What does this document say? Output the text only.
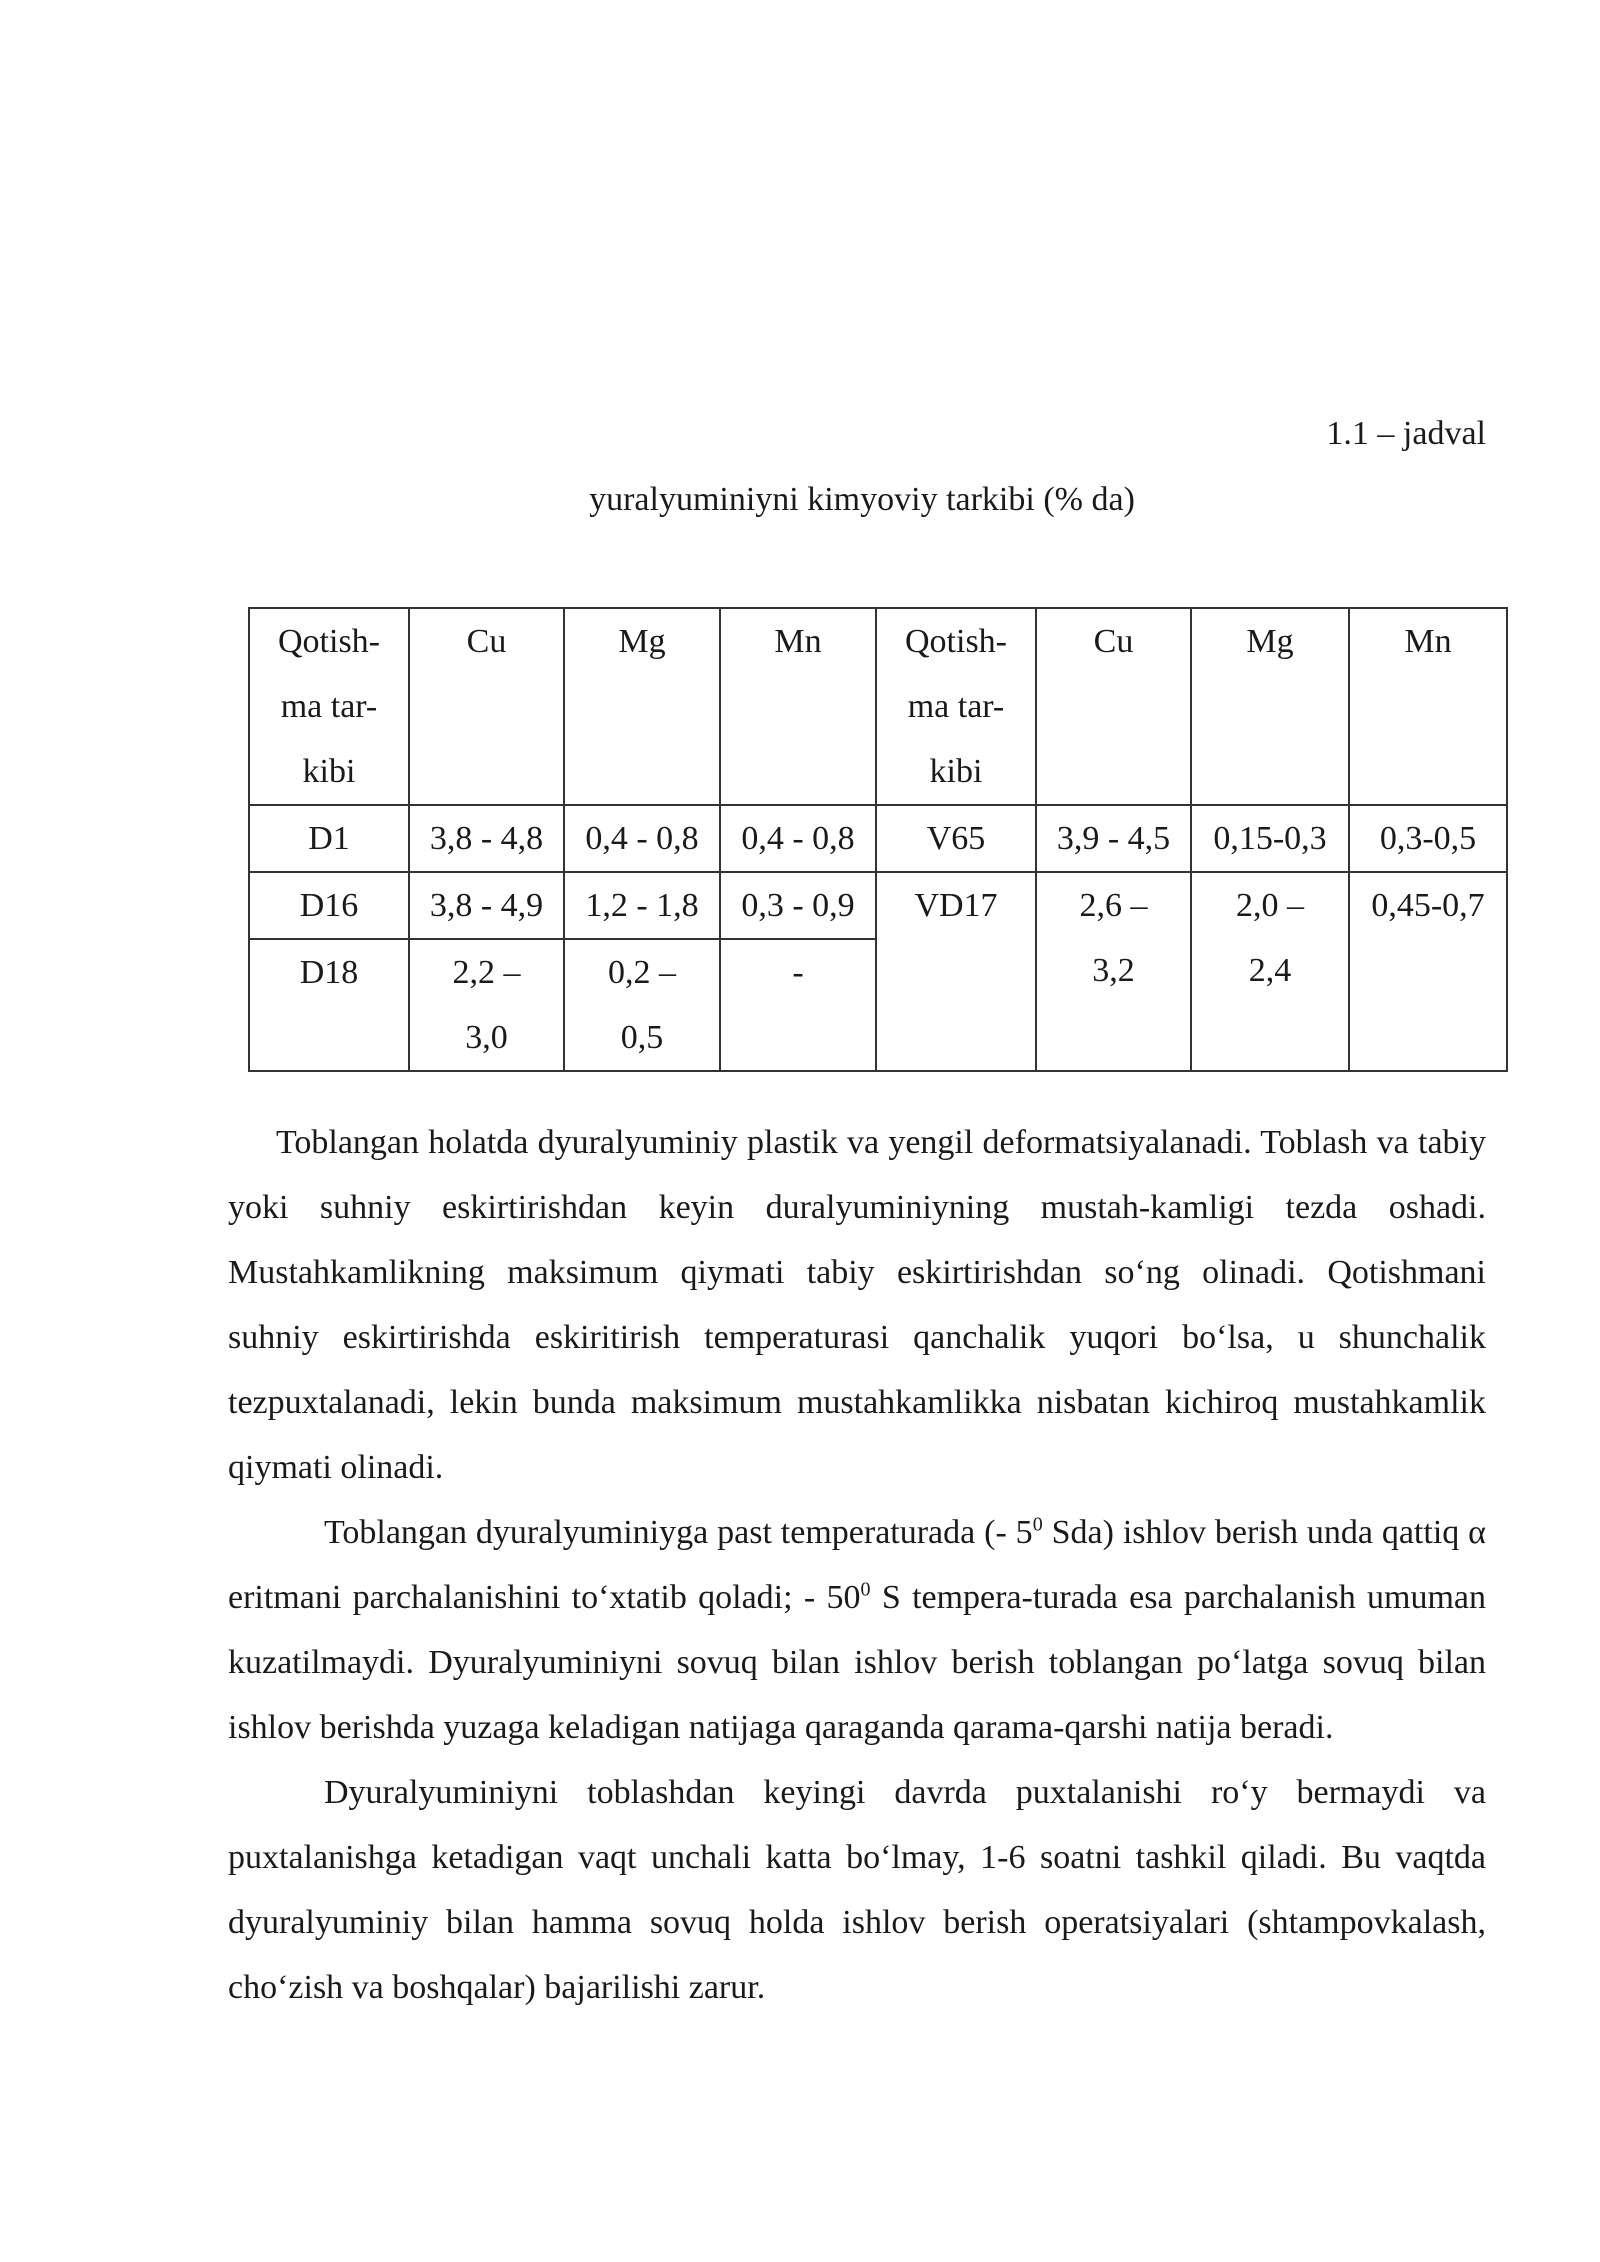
1.1 – jadval
yuralyuminiyni kimyoviy tarkibi (% da)
Qotish-ma tar-kibi	Cu	Mg	Mn	Qotish-ma tar-kibi	Cu	Mg	Mn
D1	3,8 - 4,8	0,4 - 0,8	0,4 - 0,8	V65	3,9 - 4,5	0,15-0,3	0,3-0,5
D16	3,8 - 4,9	1,2 - 1,8	0,3 - 0,9	VD17	2,6 – 3,2	2,0 – 2,4	0,45-0,7
D18	2,2 – 3,0	0,2 – 0,5	-				

Toblangan holatda dyuralyuminiy plastik va yengil deformatsiyalanadi. Toblash va tabiy yoki suhniy eskirtirishdan keyin duralyuminiyning mustah-kamligi tezda oshadi. Mustahkamlikning maksimum qiymati tabiy eskirtirishdan so‘ng olinadi. Qotishmani suhniy eskirtirishda eskiritirish temperaturasi qanchalik yuqori bo‘lsa, u shunchalik tezpuxtalanadi, lekin bunda maksimum mustahkamlikka nisbatan kichiroq mustahkamlik qiymati olinadi.

Toblangan dyuralyuminiyga past temperaturada (- $5^0$ Sda) ishlov berish unda qattiq α eritmani parchalanishini to‘xtatib qoladi; - $50^0$ S tempera-turada esa parchalanish umuman kuzatilmaydi. Dyuralyuminiyni sovuq bilan ishlov berish toblangan po‘latga sovuq bilan ishlov berishda yuzaga keladigan natijaga qaraganda qarama-qarshi natija beradi.

Dyuralyuminiyni toblashdan keyingi davrda puxtalanishi ro‘y bermaydi va puxtalanishga ketadigan vaqt unchali katta bo‘lmay, 1-6 soatni tashkil qiladi. Bu vaqtda dyuralyuminiy bilan hamma sovuq holda ishlov berish operatsiyalari (shtampovkalash, cho‘zish va boshqalar) bajarilishi zarur.
